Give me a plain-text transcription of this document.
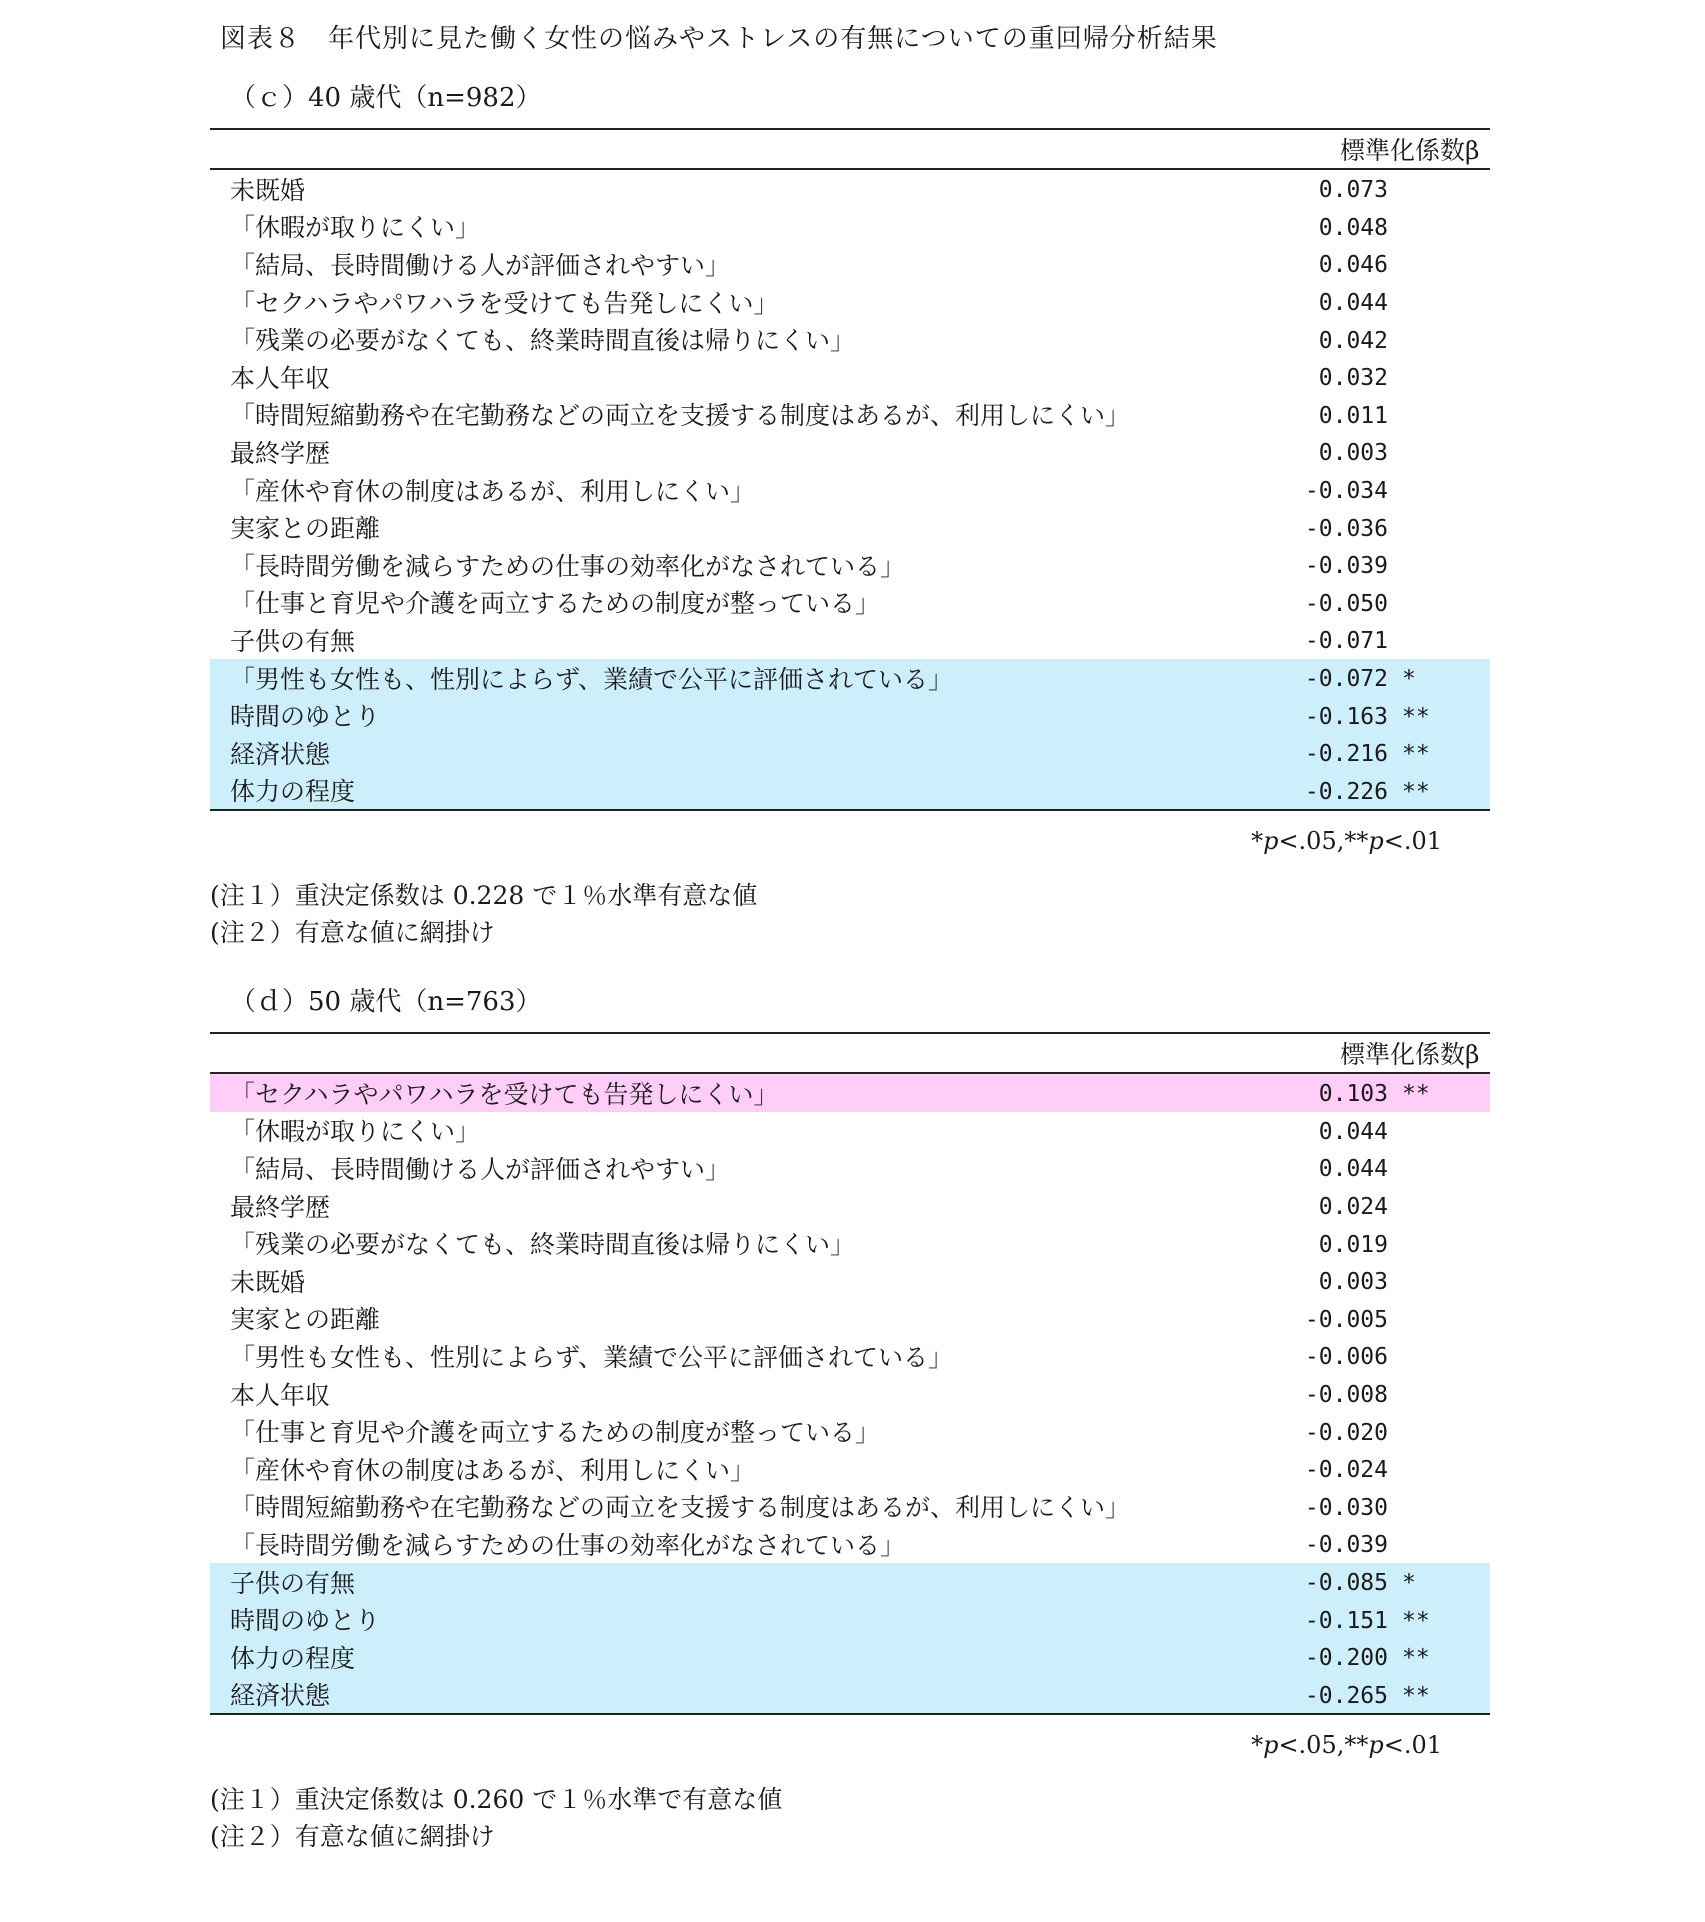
図表８　年代別に見た働く女性の悩みやストレスの有無についての重回帰分析結果
（ｃ）40 歳代（n=982）
	標準化係数β
未既婚	0.073
「休暇が取りにくい」	0.048
「結局、長時間働ける人が評価されやすい」	0.046
「セクハラやパワハラを受けても告発しにくい」	0.044
「残業の必要がなくても、終業時間直後は帰りにくい」	0.042
本人年収	0.032
「時間短縮勤務や在宅勤務などの両立を支援する制度はあるが、利用しにくい」	0.011
最終学歴	0.003
「産休や育休の制度はあるが、利用しにくい」	-0.034
実家との距離	-0.036
「長時間労働を減らすための仕事の効率化がなされている」	-0.039
「仕事と育児や介護を両立するための制度が整っている」	-0.050
子供の有無	-0.071
「男性も女性も、性別によらず、業績で公平に評価されている」	-0.072 *
時間のゆとり	-0.163 **
経済状態	-0.216 **
体力の程度	-0.226 **
*p<.05,**p<.01
(注１）重決定係数は 0.228 で１％水準有意な値
(注２）有意な値に網掛け
（ｄ）50 歳代（n=763）
	標準化係数β
「セクハラやパワハラを受けても告発しにくい」	0.103 **
「休暇が取りにくい」	0.044
「結局、長時間働ける人が評価されやすい」	0.044
最終学歴	0.024
「残業の必要がなくても、終業時間直後は帰りにくい」	0.019
未既婚	0.003
実家との距離	-0.005
「男性も女性も、性別によらず、業績で公平に評価されている」	-0.006
本人年収	-0.008
「仕事と育児や介護を両立するための制度が整っている」	-0.020
「産休や育休の制度はあるが、利用しにくい」	-0.024
「時間短縮勤務や在宅勤務などの両立を支援する制度はあるが、利用しにくい」	-0.030
「長時間労働を減らすための仕事の効率化がなされている」	-0.039
子供の有無	-0.085 *
時間のゆとり	-0.151 **
体力の程度	-0.200 **
経済状態	-0.265 **
*p<.05,**p<.01
(注１）重決定係数は 0.260 で１％水準で有意な値
(注２）有意な値に網掛け
